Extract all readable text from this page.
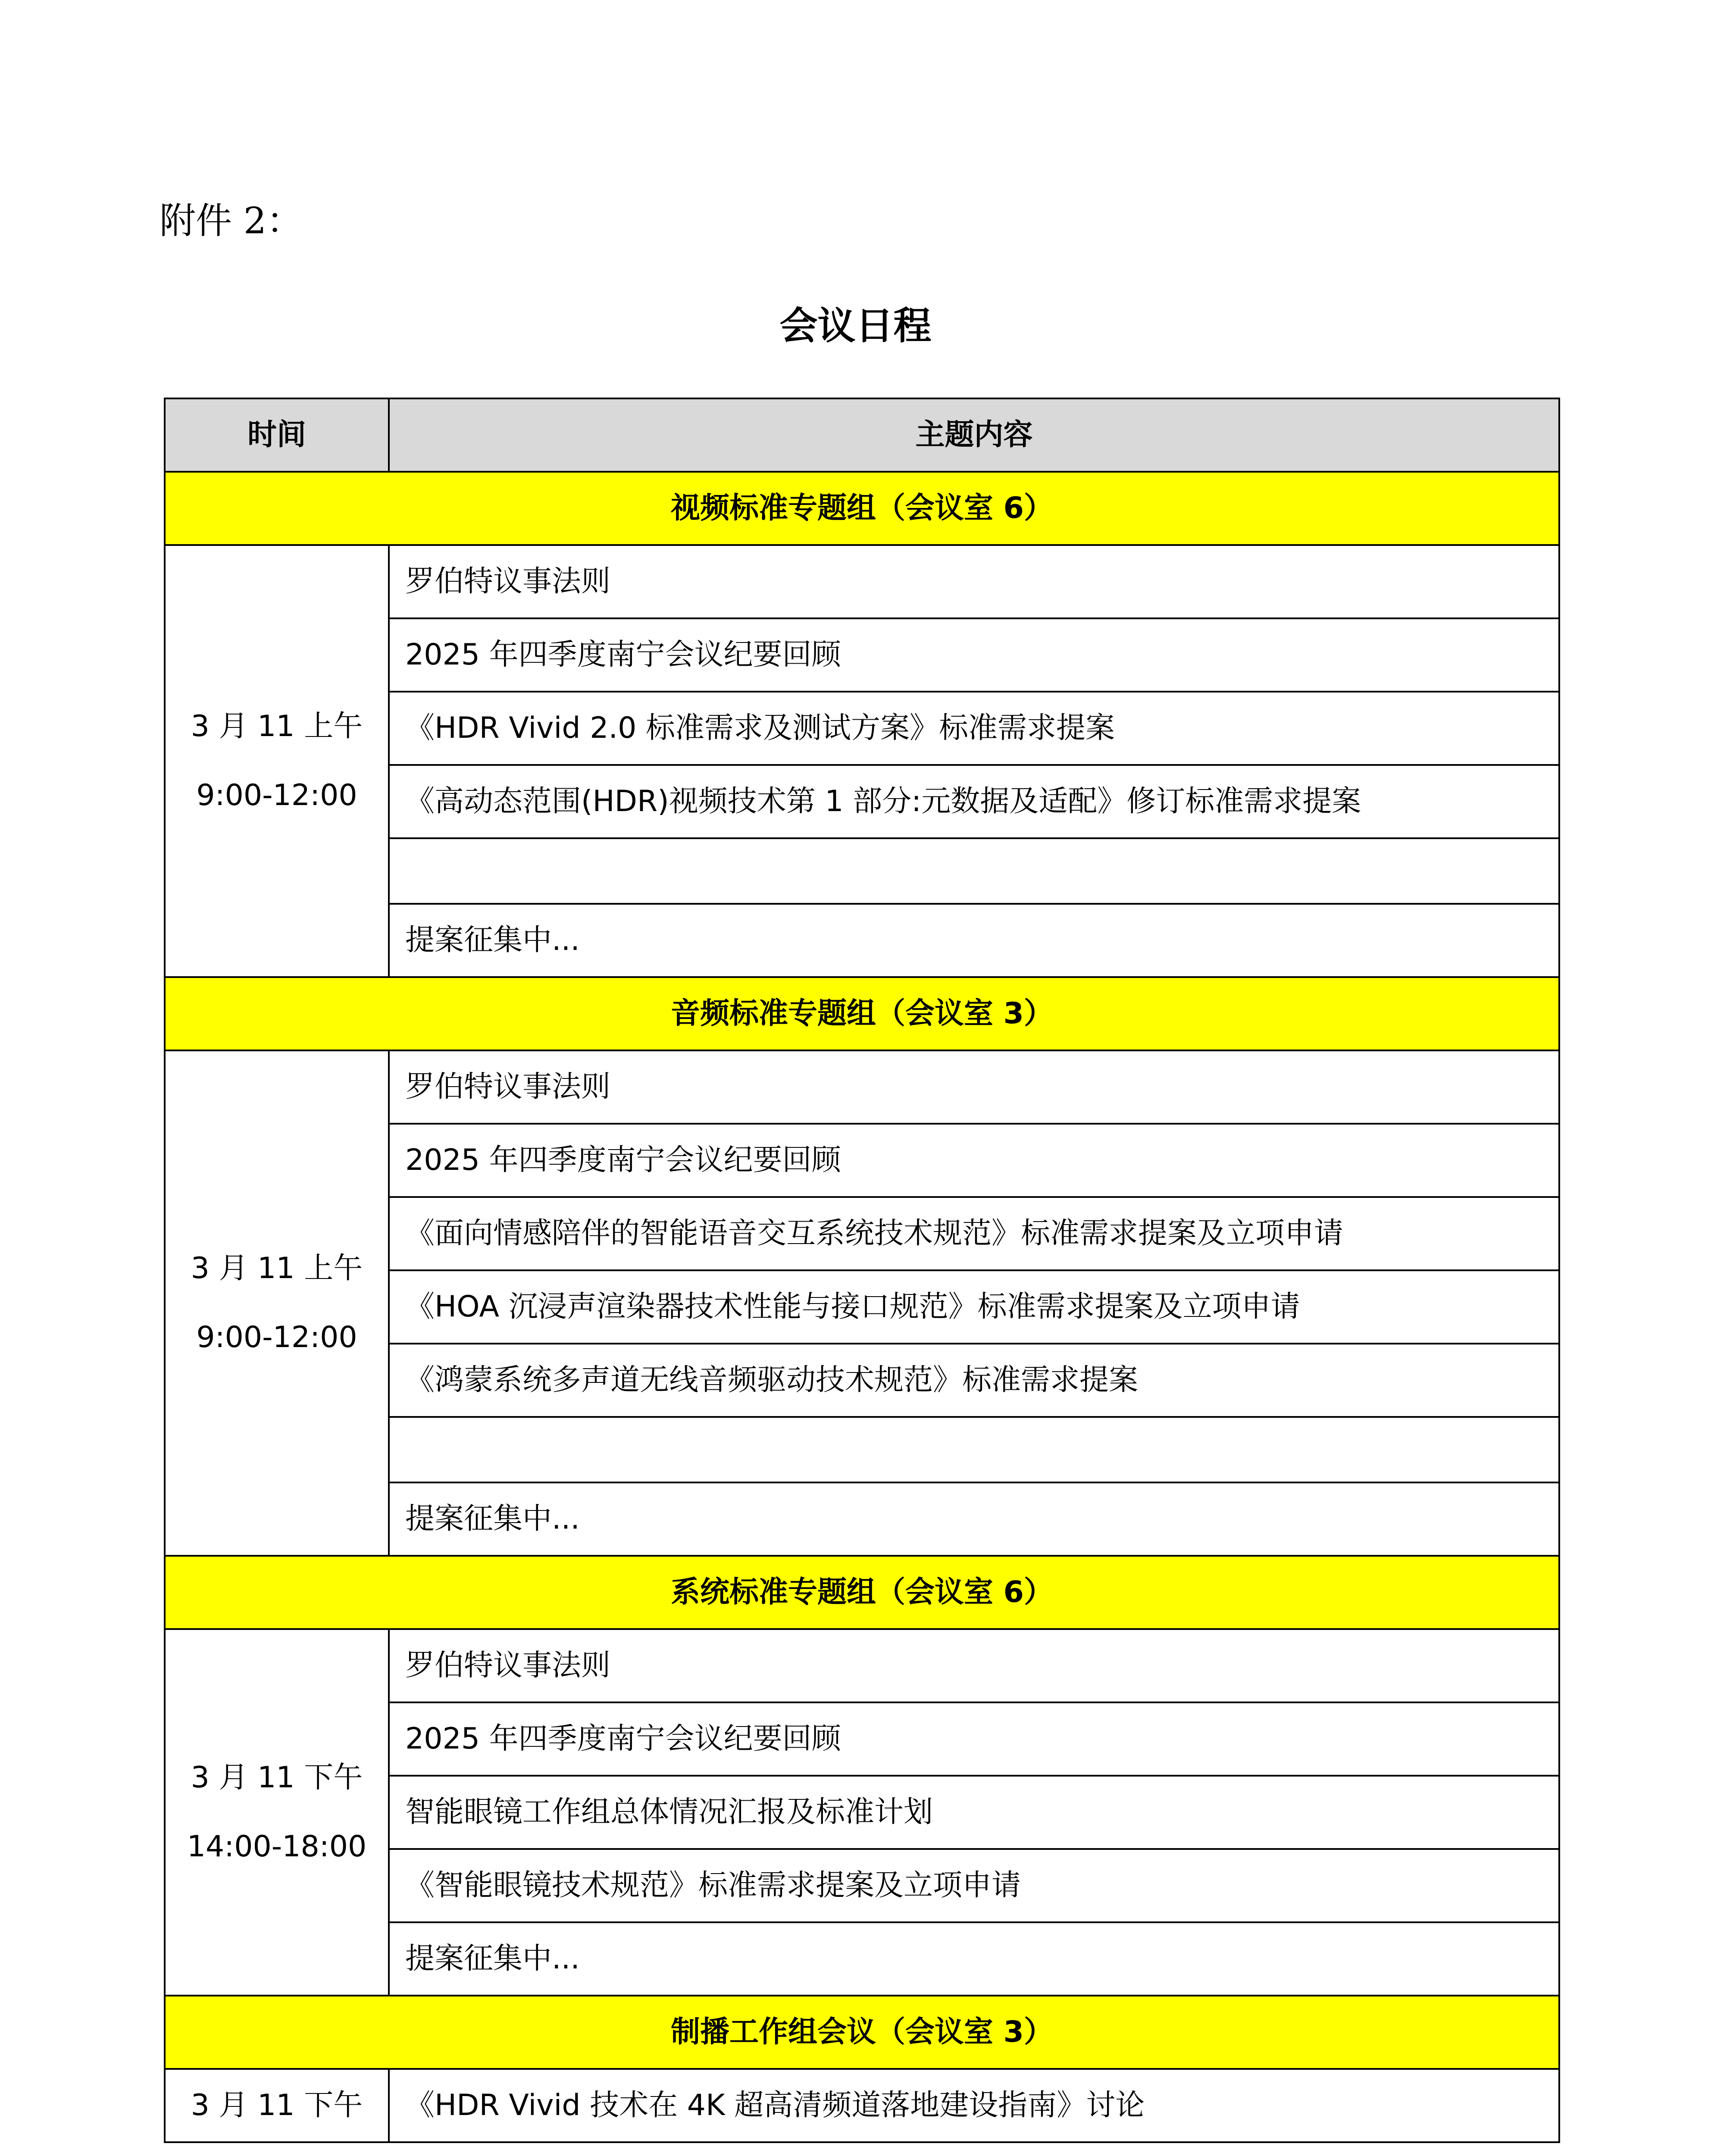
附件 2：
会议日程
时间	主题内容
视频标准专题组（会议室 6）	

3 月 11 上午
9:00-12:00	罗伯特议事法则
	2025 年四季度南宁会议纪要回顾
	《HDR Vivid 2.0 标准需求及测试方案》标准需求提案
	《高动态范围(HDR)视频技术第 1 部分:元数据及适配》修订标准需求提案

	提案征集中...
音频标准专题组（会议室 3）	

3 月 11 上午
9:00-12:00	罗伯特议事法则
	2025 年四季度南宁会议纪要回顾
	《面向情感陪伴的智能语音交互系统技术规范》标准需求提案及立项申请
	《HOA 沉浸声渲染器技术性能与接口规范》标准需求提案及立项申请
	《鸿蒙系统多声道无线音频驱动技术规范》标准需求提案

	提案征集中...
系统标准专题组（会议室 6）	

3 月 11 下午
14:00-18:00	罗伯特议事法则
	2025 年四季度南宁会议纪要回顾
	智能眼镜工作组总体情况汇报及标准计划
	《智能眼镜技术规范》标准需求提案及立项申请
	提案征集中...
制播工作组会议（会议室 3）	

3 月 11 下午	《HDR Vivid 技术在 4K 超高清频道落地建设指南》讨论
